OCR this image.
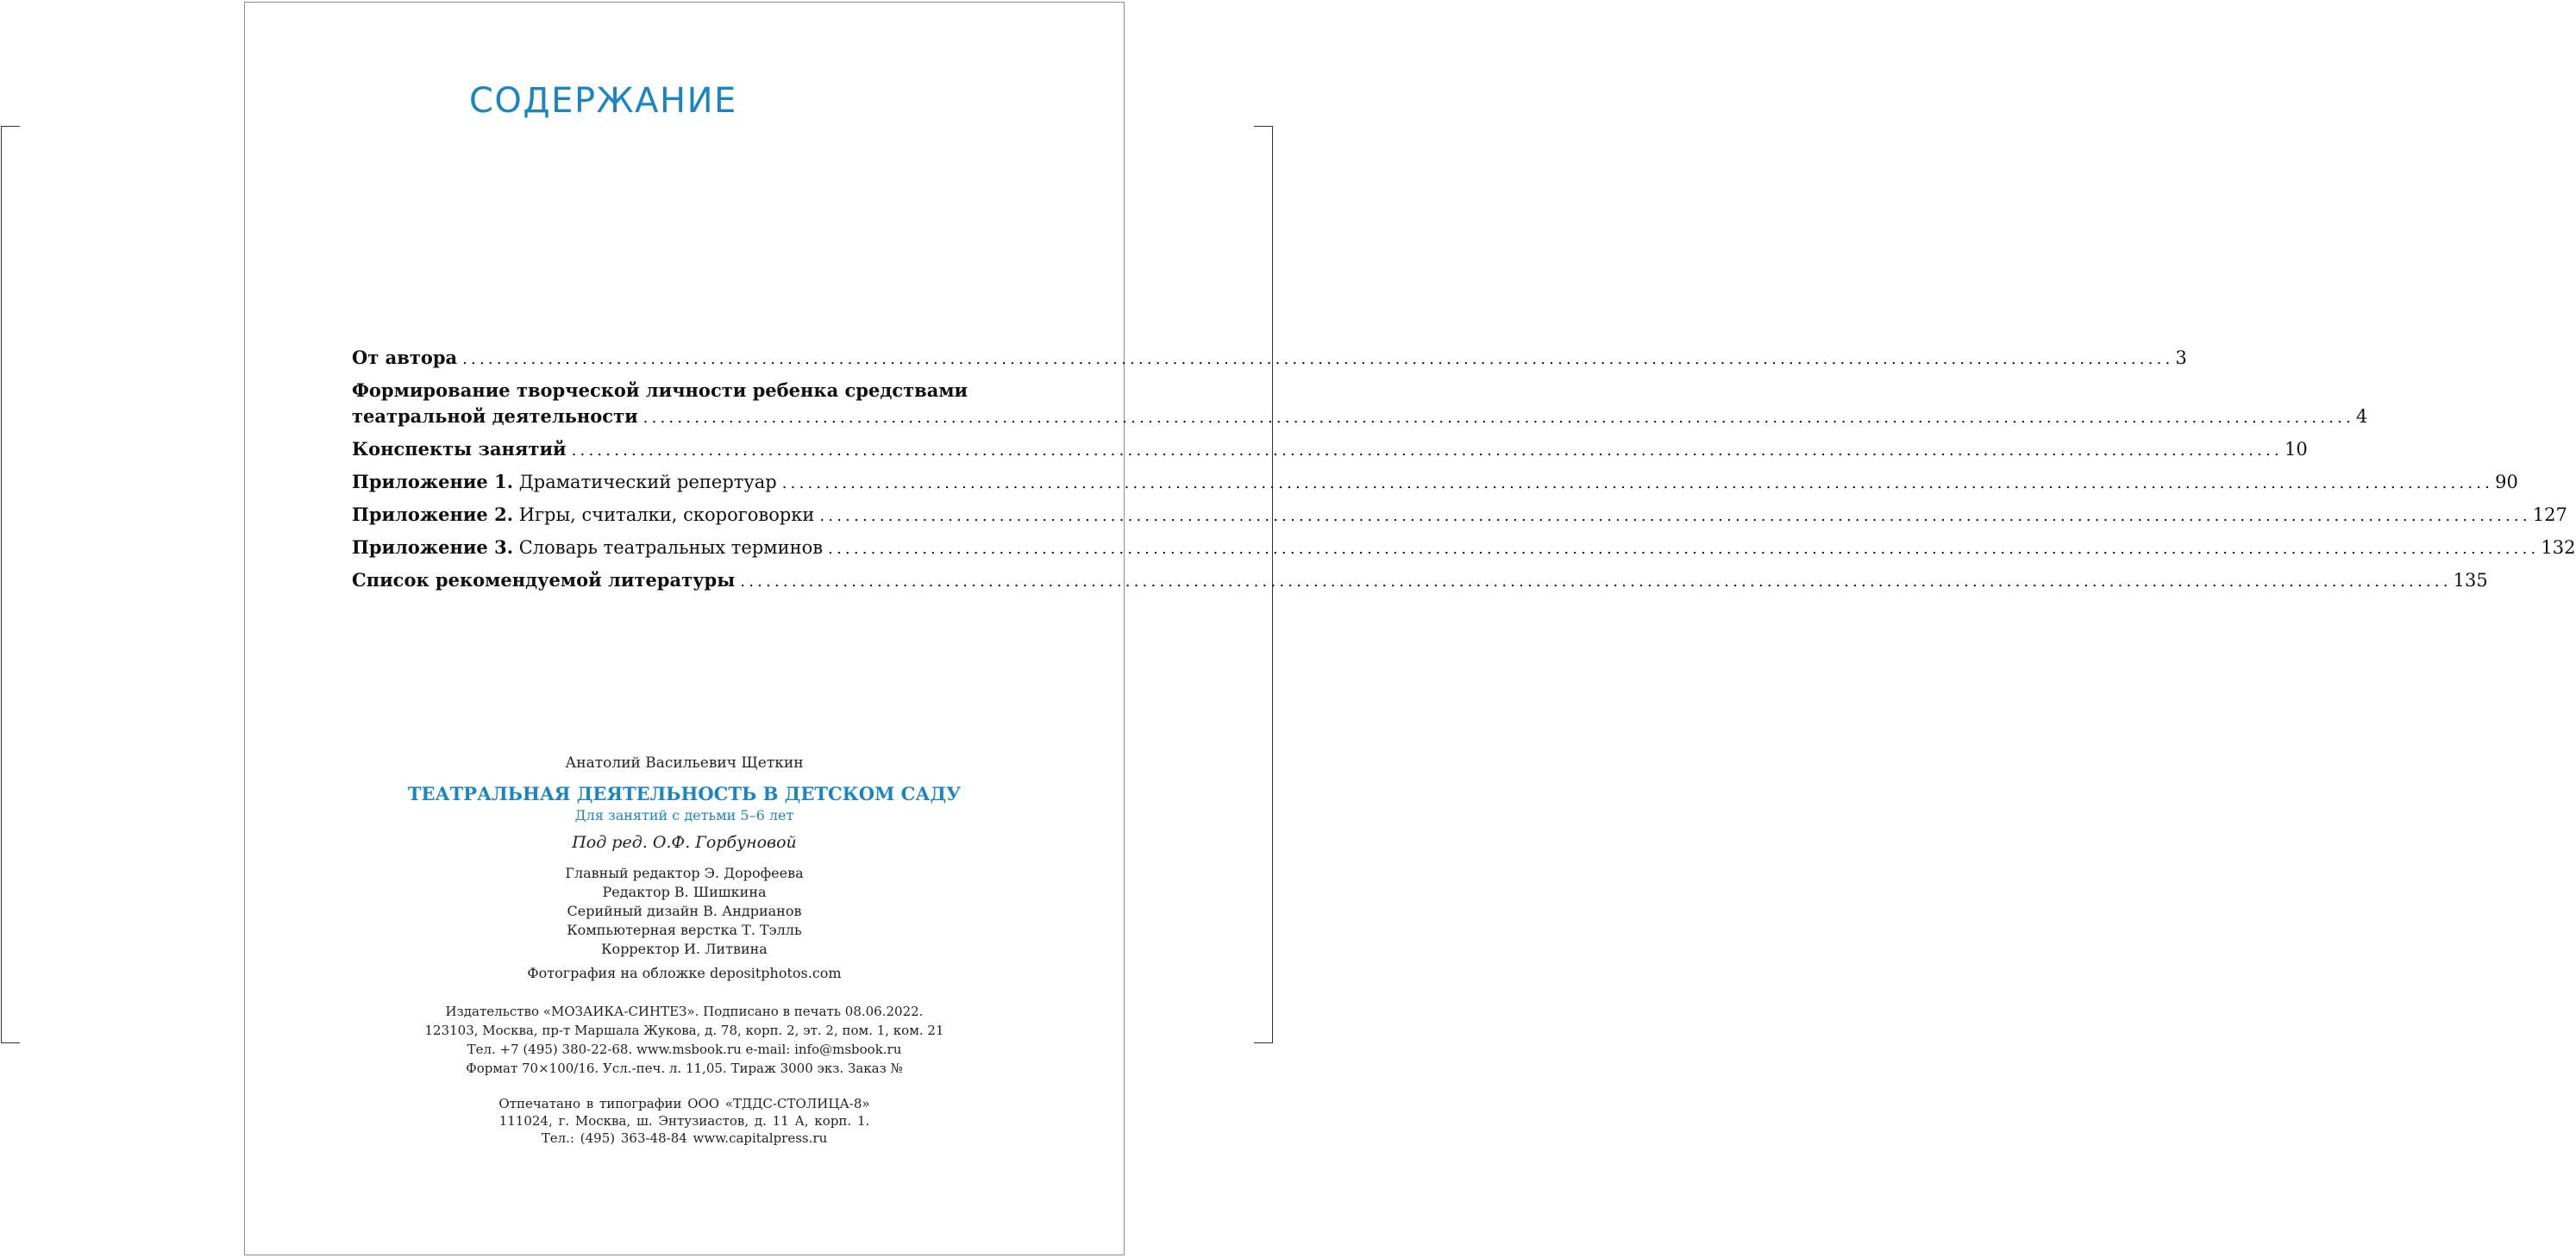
СОДЕРЖАНИЕ
От автора ........................................................................................................................................................................................................ 3
Формирование творческой личности ребенка средствами
театральной деятельности ........................................................................................................................................................................................................ 4
Конспекты занятий ........................................................................................................................................................................................................ 10
Приложение 1. Драматический репертуар ........................................................................................................................................................................................................ 90
Приложение 2. Игры, считалки, скороговорки ........................................................................................................................................................................................................ 127
Приложение 3. Словарь театральных терминов ........................................................................................................................................................................................................ 132
Список рекомендуемой литературы ........................................................................................................................................................................................................ 135
Анатолий Васильевич Щеткин
ТЕАТРАЛЬНАЯ ДЕЯТЕЛЬНОСТЬ В ДЕТСКОМ САДУ
Для занятий с детьми 5–6 лет
Под ред. О.Ф. Горбуновой
Главный редактор Э. Дорофеева
Редактор В. Шишкина
Серийный дизайн В. Андрианов
Компьютерная верстка Т. Тэлль
Корректор И. Литвина
Фотография на обложке depositphotos.com
Издательство «МОЗАИКА-СИНТЕЗ». Подписано в печать 08.06.2022.
123103, Москва, пр-т Маршала Жукова, д. 78, корп. 2, эт. 2, пом. 1, ком. 21
Тел. +7 (495) 380-22-68. www.msbook.ru e-mail: info@msbook.ru
Формат 70×100/16. Усл.-печ. л. 11,05. Тираж 3000 экз. Заказ №
Отпечатано в типографии ООО «ТДДС-СТОЛИЦА-8»
111024, г. Москва, ш. Энтузиастов, д. 11 А, корп. 1.
Тел.: (495) 363-48-84 www.capitalpress.ru
